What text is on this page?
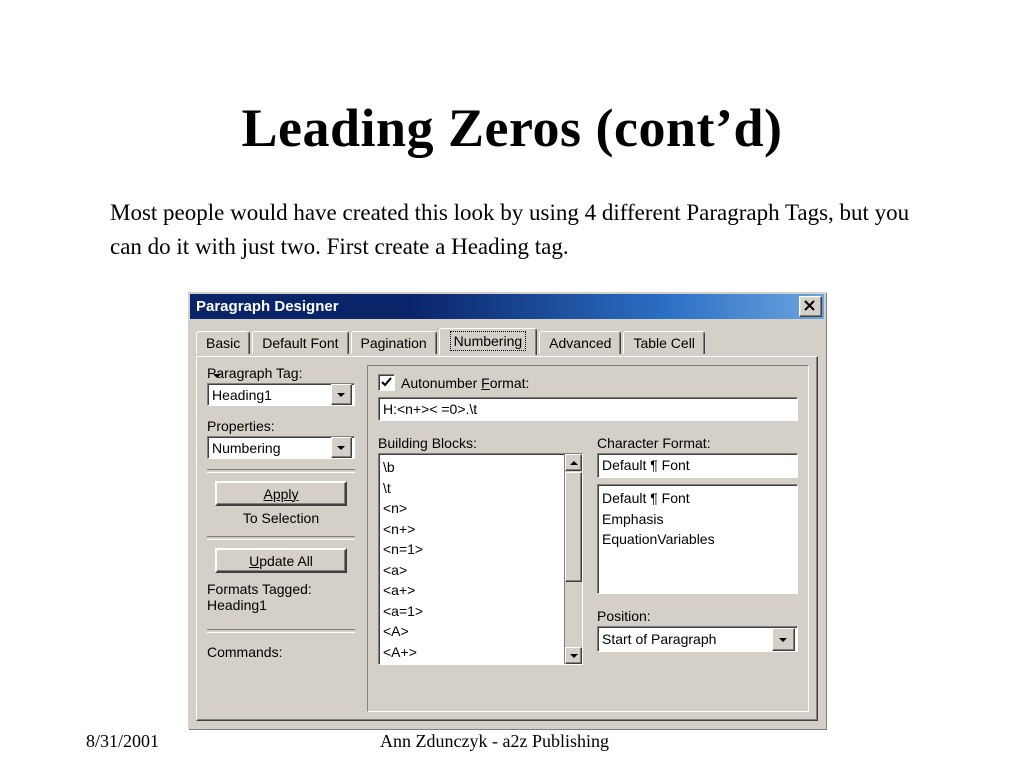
Leading Zeros (cont’d)
Most people would have created this look by using 4 different Paragraph Tags, but you can do it with just two. First create a Heading tag.
8/31/2001	Ann Zdunczyk - a2z Publishing
Paragraph Designer
Basic	Default Font	Pagination	Numbering	Advanced	Table Cell
Paragraph Tag:
Heading1
Properties:
Numbering
Apply
To Selection
Update All
Formats Tagged:
Heading1
Commands:
Autonumber Format:
H:<n+>< =0>.\t
Building Blocks:
\b
\t
<n>
<n+>
<n=1>
<a>
<a+>
<a=1>
<A>
<A+>
Character Format:
Default ¶ Font
Default ¶ Font
Emphasis
EquationVariables
Position:
Start of Paragraph
